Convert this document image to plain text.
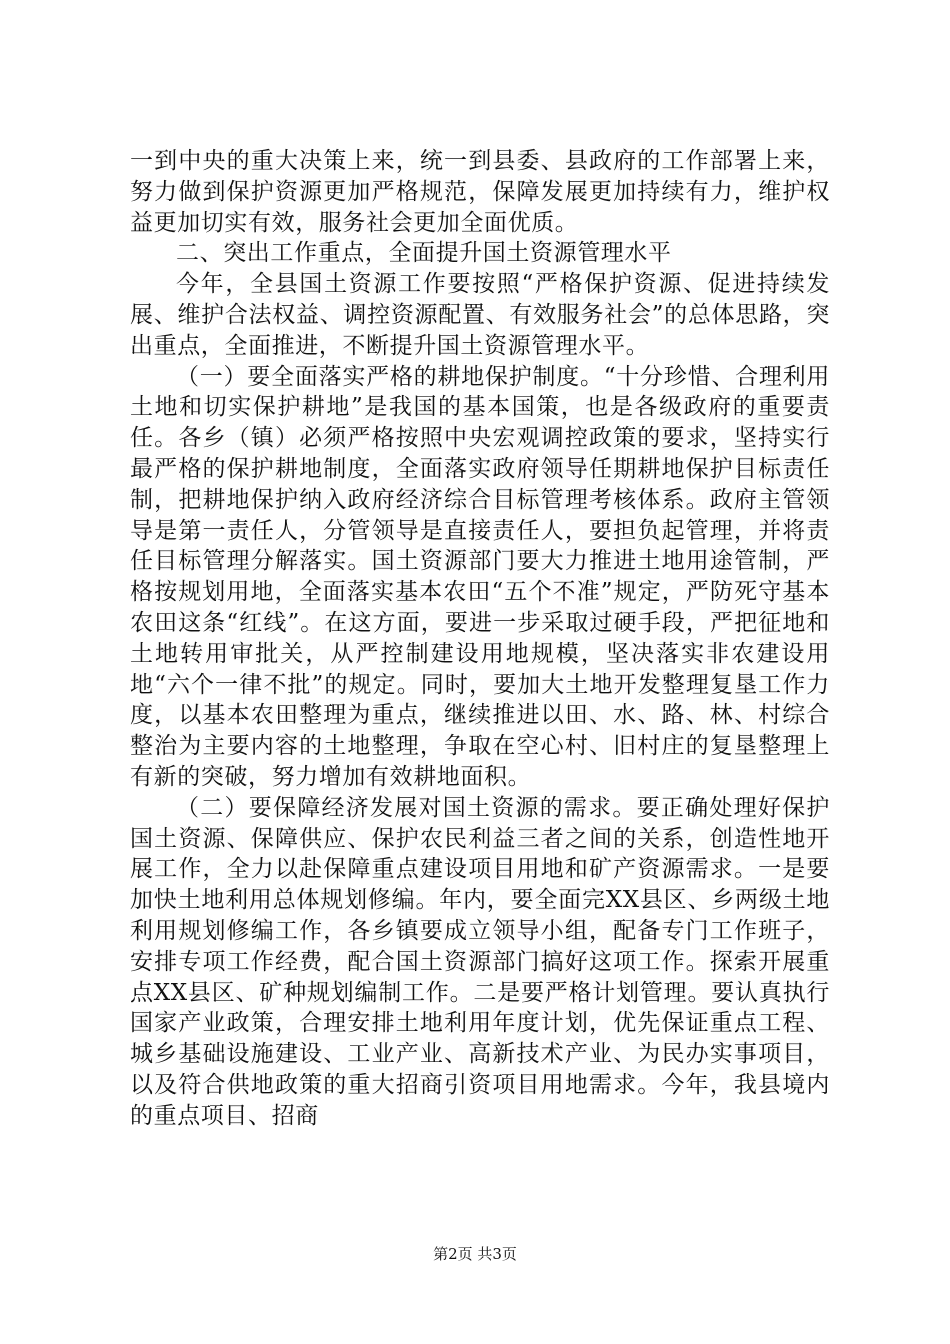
一到中央的重大决策上来，统一到县委、县政府的工作部署上来，努力做到保护资源更加严格规范，保障发展更加持续有力，维护权益更加切实有效，服务社会更加全面优质。

二、突出工作重点，全面提升国土资源管理水平

今年，全县国土资源工作要按照“严格保护资源、促进持续发展、维护合法权益、调控资源配置、有效服务社会”的总体思路，突出重点，全面推进，不断提升国土资源管理水平。

（一）要全面落实严格的耕地保护制度。“十分珍惜、合理利用土地和切实保护耕地”是我国的基本国策，也是各级政府的重要责任。各乡（镇）必须严格按照中央宏观调控政策的要求，坚持实行最严格的保护耕地制度，全面落实政府领导任期耕地保护目标责任制，把耕地保护纳入政府经济综合目标管理考核体系。政府主管领导是第一责任人，分管领导是直接责任人，要担负起管理，并将责任目标管理分解落实。国土资源部门要大力推进土地用途管制，严格按规划用地，全面落实基本农田“五个不准”规定，严防死守基本农田这条“红线”。在这方面，要进一步采取过硬手段，严把征地和土地转用审批关，从严控制建设用地规模，坚决落实非农建设用地“六个一律不批”的规定。同时，要加大土地开发整理复垦工作力度，以基本农田整理为重点，继续推进以田、水、路、林、村综合整治为主要内容的土地整理，争取在空心村、旧村庄的复垦整理上有新的突破，努力增加有效耕地面积。

（二）要保障经济发展对国土资源的需求。要正确处理好保护国土资源、保障供应、保护农民利益三者之间的关系，创造性地开展工作，全力以赴保障重点建设项目用地和矿产资源需求。一是要加快土地利用总体规划修编。年内，要全面完XX县区、乡两级土地利用规划修编工作，各乡镇要成立领导小组，配备专门工作班子，安排专项工作经费，配合国土资源部门搞好这项工作。探索开展重点XX县区、矿种规划编制工作。二是要严格计划管理。要认真执行国家产业政策，合理安排土地利用年度计划，优先保证重点工程、城乡基础设施建设、工业产业、高新技术产业、为民办实事项目，以及符合供地政策的重大招商引资项目用地需求。今年，我县境内的重点项目、招商

第2页 共3页
